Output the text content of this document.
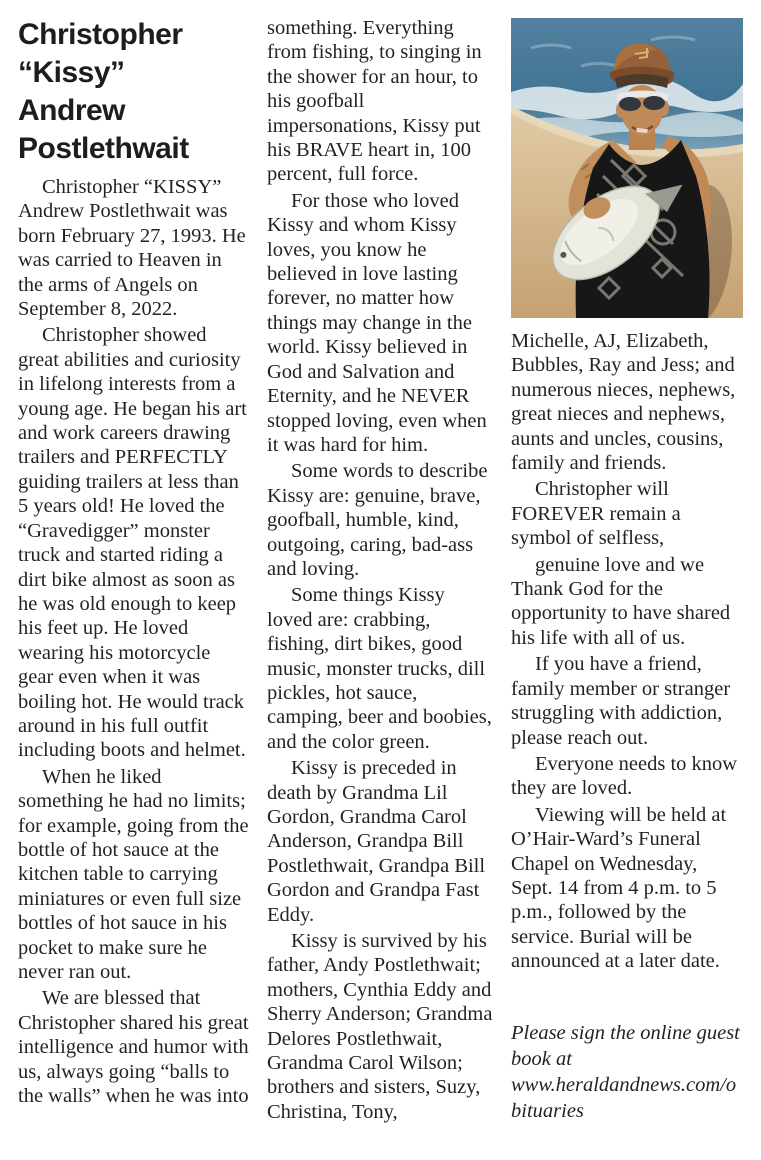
Christopher
“Kissy”
Andrew
Postlethwait

Christopher “KISSY” Andrew Postlethwait was born February 27, 1993. He was carried to Heaven in the arms of Angels on September 8, 2022.

Christopher showed great abilities and curiosity in lifelong interests from a young age. He began his art and work careers drawing trailers and PERFECTLY guiding trailers at less than 5 years old! He loved the “Gravedigger” monster truck and started riding a dirt bike almost as soon as he was old enough to keep his feet up. He loved wearing his motorcycle gear even when it was boiling hot. He would track around in his full outfit including boots and helmet.

When he liked something he had no limits; for example, going from the bottle of hot sauce at the kitchen table to carrying miniatures or even full size bottles of hot sauce in his pocket to make sure he never ran out.

We are blessed that Christopher shared his great intelligence and humor with us, always going “balls to the walls” when he was into

something. Everything from fishing, to singing in the shower for an hour, to his goofball impersonations, Kissy put his BRAVE heart in, 100 percent, full force.

For those who loved Kissy and whom Kissy loves, you know he believed in love lasting forever, no matter how things may change in the world. Kissy believed in God and Salvation and Eternity, and he NEVER stopped loving, even when it was hard for him.

Some words to describe Kissy are: genuine, brave, goofball, humble, kind, outgoing, caring, bad-ass and loving.

Some things Kissy loved are: crabbing, fishing, dirt bikes, good music, monster trucks, dill pickles, hot sauce, camping, beer and boobies, and the color green.

Kissy is preceded in death by Grandma Lil Gordon, Grandma Carol Anderson, Grandpa Bill Postlethwait, Grandpa Bill Gordon and Grandpa Fast Eddy.

Kissy is survived by his father, Andy Postlethwait; mothers, Cynthia Eddy and Sherry Anderson; Grandma Delores Postlethwait, Grandma Carol Wilson; brothers and sisters, Suzy, Christina, Tony,

Michelle, AJ, Elizabeth, Bubbles, Ray and Jess; and numerous nieces, nephews, great nieces and nephews, aunts and uncles, cousins, family and friends.

Christopher will FOREVER remain a symbol of selfless,

genuine love and we Thank God for the opportunity to have shared his life with all of us.

If you have a friend, family member or stranger struggling with addiction, please reach out.

Everyone needs to know they are loved.

Viewing will be held at O’Hair-Ward’s Funeral Chapel on Wednesday, Sept. 14 from 4 p.m. to 5 p.m., followed by the service. Burial will be announced at a later date.

Please sign the online guest book at www.heraldandnews.com/obituaries
